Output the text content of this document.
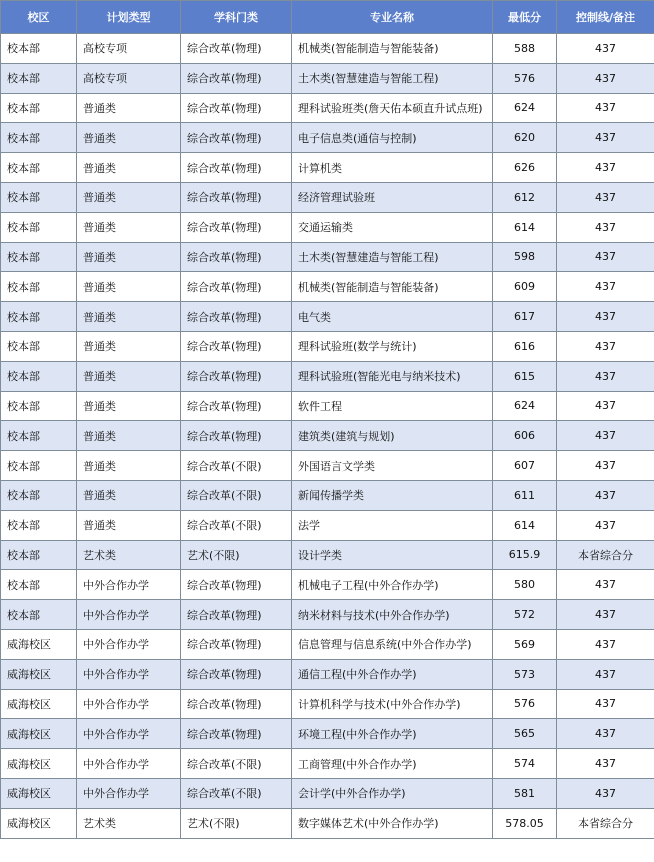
校区	计划类型	学科门类	专业名称	最低分	控制线/备注
校本部	高校专项	综合改革(物理)	机械类(智能制造与智能装备)	588	437
校本部	高校专项	综合改革(物理)	土木类(智慧建造与智能工程)	576	437
校本部	普通类	综合改革(物理)	理科试验班类(詹天佑本硕直升试点班)	624	437
校本部	普通类	综合改革(物理)	电子信息类(通信与控制)	620	437
校本部	普通类	综合改革(物理)	计算机类	626	437
校本部	普通类	综合改革(物理)	经济管理试验班	612	437
校本部	普通类	综合改革(物理)	交通运输类	614	437
校本部	普通类	综合改革(物理)	土木类(智慧建造与智能工程)	598	437
校本部	普通类	综合改革(物理)	机械类(智能制造与智能装备)	609	437
校本部	普通类	综合改革(物理)	电气类	617	437
校本部	普通类	综合改革(物理)	理科试验班(数学与统计)	616	437
校本部	普通类	综合改革(物理)	理科试验班(智能光电与纳米技术)	615	437
校本部	普通类	综合改革(物理)	软件工程	624	437
校本部	普通类	综合改革(物理)	建筑类(建筑与规划)	606	437
校本部	普通类	综合改革(不限)	外国语言文学类	607	437
校本部	普通类	综合改革(不限)	新闻传播学类	611	437
校本部	普通类	综合改革(不限)	法学	614	437
校本部	艺术类	艺术(不限)	设计学类	615.9	本省综合分
校本部	中外合作办学	综合改革(物理)	机械电子工程(中外合作办学)	580	437
校本部	中外合作办学	综合改革(物理)	纳米材料与技术(中外合作办学)	572	437
威海校区	中外合作办学	综合改革(物理)	信息管理与信息系统(中外合作办学)	569	437
威海校区	中外合作办学	综合改革(物理)	通信工程(中外合作办学)	573	437
威海校区	中外合作办学	综合改革(物理)	计算机科学与技术(中外合作办学)	576	437
威海校区	中外合作办学	综合改革(物理)	环境工程(中外合作办学)	565	437
威海校区	中外合作办学	综合改革(不限)	工商管理(中外合作办学)	574	437
威海校区	中外合作办学	综合改革(不限)	会计学(中外合作办学)	581	437
威海校区	艺术类	艺术(不限)	数字媒体艺术(中外合作办学)	578.05	本省综合分
